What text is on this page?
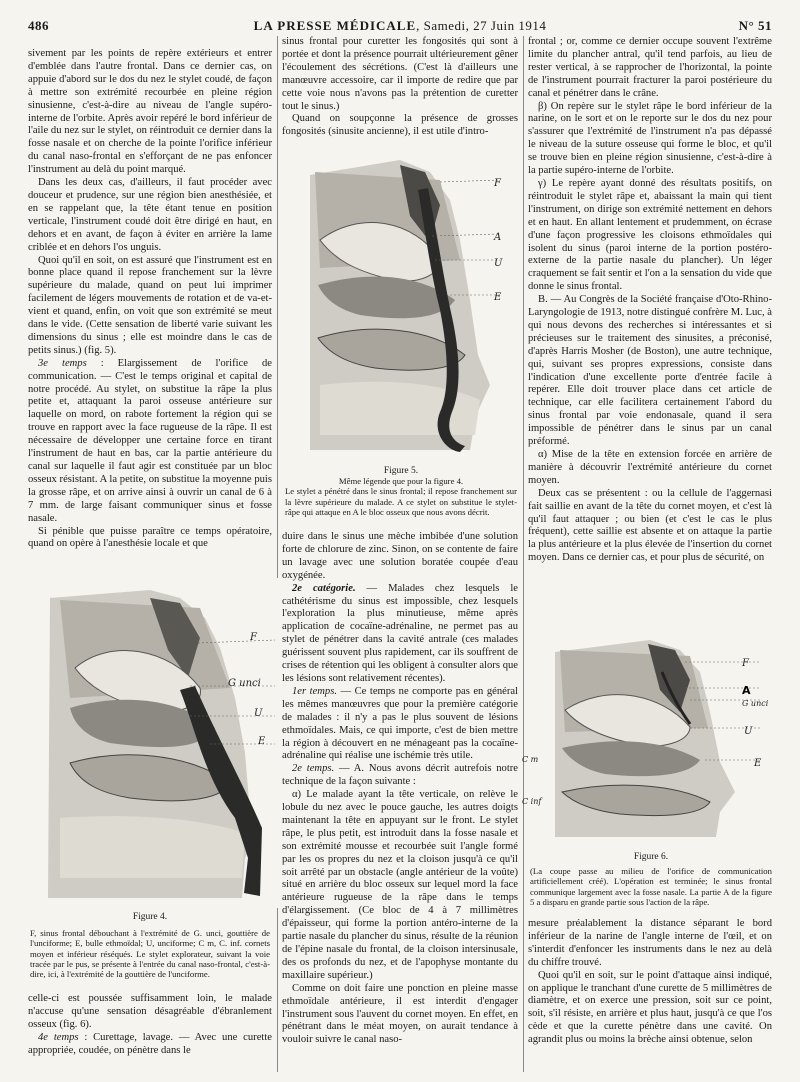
486	LA PRESSE MÉDICALE, Samedi, 27 Juin 1914	N° 51

sivement par les points de repère extérieurs et entrer d'emblée dans l'autre frontal. Dans ce dernier cas, on appuie d'abord sur le dos du nez le stylet coudé, de façon à mettre son extrémité recourbée en pleine région sinusienne, c'est-à-dire au niveau de l'angle supéro-interne de l'orbite. Après avoir repéré le bord inférieur de l'aile du nez sur le stylet, on réintroduit ce dernier dans la fosse nasale et on cherche de la pointe l'orifice inférieur du canal naso-frontal en s'efforçant de ne pas enfoncer l'instrument au delà du point marqué.

Dans les deux cas, d'ailleurs, il faut procéder avec douceur et prudence, sur une région bien anesthésiée, et en se rappelant que, la tête étant tenue en position verticale, l'instrument coudé doit être dirigé en haut, en dehors et en avant, de façon à éviter en arrière la lame criblée et en dehors l'os unguis.

Quoi qu'il en soit, on est assuré que l'instrument est en bonne place quand il repose franchement sur la lèvre supérieure du malade, quand on peut lui imprimer facilement de légers mouvements de rotation et de va-et-vient et quand, enfin, on voit que son extrémité se meut dans le vide. (Cette sensation de liberté varie suivant les dimensions du sinus ; elle est moindre dans le cas de petits sinus.) (fig. 5).

3e temps : Elargissement de l'orifice de communication. — C'est le temps original et capital de notre procédé. Au stylet, on substitue la râpe la plus petite et, attaquant la paroi osseuse antérieure sur laquelle on mord, on rabote fortement la région qui se trouve en rapport avec la face rugueuse de la râpe. Il est nécessaire de développer une certaine force en tirant l'instrument de haut en bas, car la partie antérieure du canal sur laquelle il faut agir est constituée par un bloc osseux résistant. A la petite, on substitue la moyenne puis la grosse râpe, et on arrive ainsi à ouvrir un canal de 6 à 7 mm. de large faisant communiquer sinus et fosse nasale.

Si pénible que puisse paraître ce temps opératoire, quand on opère à l'anesthésie locale et que

F
G unci
U
E
Figure 4.
F, sinus frontal débouchant à l'extrémité de G. unci, gouttière de l'unciforme; E, bulle ethmoïdal; U, unciforme; C m, C. inf. cornets moyen et inférieur réséqués. Le stylet explorateur, suivant la voie tracée par le pus, se présente à l'entrée du canal naso-frontal, c'est-à-dire, ici, à l'extrémité de la gouttière de l'unciforme.

celle-ci est poussée suffisamment loin, le malade n'accuse qu'une sensation désagréable d'ébranlement osseux (fig. 6).

4e temps : Curettage, lavage. — Avec une curette appropriée, coudée, on pénètre dans le

sinus frontal pour curetter les fongosités qui sont à portée et dont la présence pourrait ultérieurement gêner l'écoulement des sécrétions. (C'est là d'ailleurs une manœuvre accessoire, car il importe de redire que par cette voie nous n'avons pas la prétention de curetter tout le sinus.)

Quand on soupçonne la présence de grosses fongosités (sinusite ancienne), il est utile d'intro-

F
A
U
E
Figure 5.
Même légende que pour la figure 4.
Le stylet a pénétré dans le sinus frontal; il repose franchement sur la lèvre supérieure du malade. A ce stylet on substitue le stylet-râpe qui attaque en A le bloc osseux que nous avons décrit.

duire dans le sinus une mèche imbibée d'une solution forte de chlorure de zinc. Sinon, on se contente de faire un lavage avec une solution boratée coupée d'eau oxygénée.

2e catégorie. — Malades chez lesquels le cathétérisme du sinus est impossible, chez lesquels l'exploration la plus minutieuse, même après application de cocaïne-adrénaline, ne permet pas au stylet de pénétrer dans la cavité antrale (ces malades guérissent souvent plus rapidement, car ils souffrent de crises de rétention qui les obligent à consulter alors que les lésions sont relativement récentes).

1er temps. — Ce temps ne comporte pas en général les mêmes manœuvres que pour la première catégorie de malades : il n'y a pas le plus souvent de lésions ethmoïdales. Mais, ce qui importe, c'est de bien mettre la région à découvert en ne ménageant pas la cocaïne-adrénaline qui réalise une ischémie très utile.

2e temps. — A. Nous avons décrit autrefois notre technique de la façon suivante :

α) Le malade ayant la tête verticale, on relève le lobule du nez avec le pouce gauche, les autres doigts maintenant la tête en appuyant sur le front. Le stylet râpe, le plus petit, est introduit dans la fosse nasale et son extrémité mousse et recourbée suit l'angle formé par les os propres du nez et la cloison jusqu'à ce qu'il soit arrêté par un obstacle (angle antérieur de la voûte) situé en arrière du bloc osseux sur lequel mord la face antérieure rugueuse de la râpe dans le temps d'élargissement. (Ce bloc de 4 à 7 millimètres d'épaisseur, qui forme la portion antéro-interne de la partie nasale du plancher du sinus, résulte de la réunion de l'épine nasale du frontal, de la cloison intersinusale, des os profonds du nez, et de l'apophyse montante du maxillaire supérieur.)

Comme on doit faire une ponction en pleine masse ethmoïdale antérieure, il est interdit d'engager l'instrument sous l'auvent du cornet moyen. En effet, en pénétrant dans le méat moyen, on aurait tendance à vouloir suivre le canal naso-

frontal ; or, comme ce dernier occupe souvent l'extrême limite du plancher antral, qu'il tend parfois, au lieu de rester vertical, à se rapprocher de l'horizontal, la pointe de l'instrument pourrait fracturer la paroi postérieure du canal et pénétrer dans le crâne.

β) On repère sur le stylet râpe le bord inférieur de la narine, on le sort et on le reporte sur le dos du nez pour s'assurer que l'extrémité de l'instrument n'a pas dépassé le niveau de la suture osseuse qui forme le bloc, et qu'il se trouve bien en pleine région sinusienne, c'est-à-dire à la partie supéro-interne de l'orbite.

γ) Le repère ayant donné des résultats positifs, on réintroduit le stylet râpe et, abaissant la main qui tient l'instrument, on dirige son extrémité nettement en dehors et en haut. En allant lentement et prudemment, on écrase d'une façon progressive les cloisons ethmoïdales qui isolent du sinus (paroi interne de la portion postéro-externe de la partie nasale du plancher). Un léger craquement se fait sentir et l'on a la sensation du vide que donne le sinus frontal.

B. — Au Congrès de la Société française d'Oto-Rhino-Laryngologie de 1913, notre distingué confrère M. Luc, à qui nous devons des recherches si intéressantes et si précieuses sur le traitement des sinusites, a préconisé, d'après Harris Mosher (de Boston), une autre technique, qui, suivant ses propres expressions, consiste dans l'indication d'une excellente porte d'entrée facile à repérer. Elle doit trouver place dans cet article de technique, car elle facilitera certainement l'abord du sinus frontal par voie endonasale, quand il sera impossible de pénétrer dans le sinus par un canal préformé.

α) Mise de la tête en extension forcée en arrière de manière à découvrir l'extrémité antérieure du cornet moyen.

Deux cas se présentent : ou la cellule de l'aggernasi fait saillie en avant de la tête du cornet moyen, et c'est là qu'il faut attaquer ; ou bien (et c'est le cas le plus fréquent), cette saillie est absente et on attaque la partie la plus antérieure et la plus élevée de l'insertion du cornet moyen. Dans ce dernier cas, et pour plus de sécurité, on

F
A
G unci
U
E
C m
C inf
Figure 6.
(La coupe passe au milieu de l'orifice de communication artificiellement créé). L'opération est terminée; le sinus frontal communique largement avec la fosse nasale. La partie A de la figure 5 a disparu en grande partie sous l'action de la râpe.

mesure préalablement la distance séparant le bord inférieur de la narine de l'angle interne de l'œil, et on s'interdit d'enfoncer les instruments dans le nez au delà du chiffre trouvé.

Quoi qu'il en soit, sur le point d'attaque ainsi indiqué, on applique le tranchant d'une curette de 5 millimètres de diamètre, et on exerce une pression, soit sur ce point, soit, s'il résiste, en arrière et plus haut, jusqu'à ce que l'os cède et que la curette pénètre dans une cavité. On agrandit plus ou moins la brèche ainsi obtenue, selon
